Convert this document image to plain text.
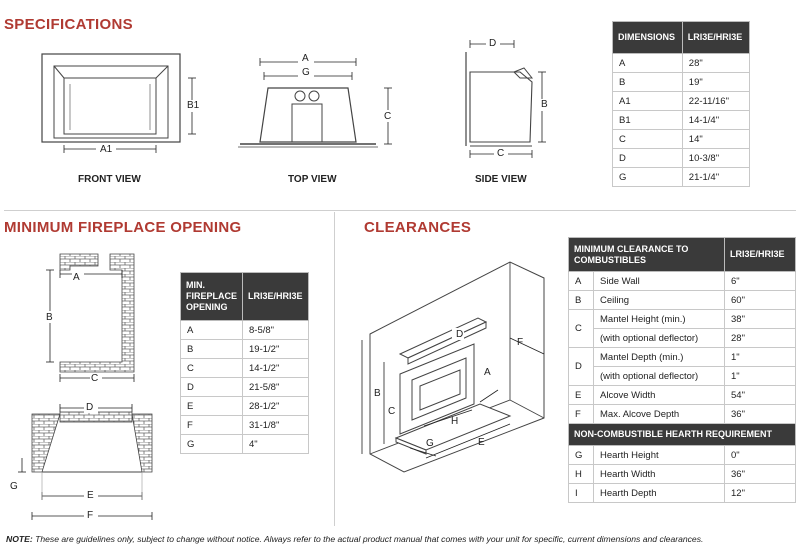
SPECIFICATIONS
MINIMUM FIREPLACE OPENING	CLEARANCES
B1
A1
FRONT VIEW
A
G
C
TOP VIEW
D
B
C
SIDE VIEW
DIMENSIONS	LRI3E/HRI3E
A	28"
B	19"
A1	22-11/16"
B1	14-1/4"
C	14"
D	10-3/8"
G	21-1/4"
A
B
C
D
G
E
F
MIN. FIREPLACE OPENING	LRI3E/HRI3E
A	8-5/8"
B	19-1/2"
C	14-1/2"
D	21-5/8"
E	28-1/2"
F	31-1/8"
G	4"
D
F
A
B
C
H
G	E
MINIMUM CLEARANCE TO COMBUSTIBLES		LRI3E/HRI3E
A	Side Wall	6"
B	Ceiling	60"
C	Mantel Height (min.)	38"
	(with optional deflector)	28"
D	Mantel Depth (min.)	1"
	(with optional deflector)	1"
E	Alcove Width	54"
F	Max. Alcove Depth	36"
NON-COMBUSTIBLE HEARTH REQUIREMENT		
G	Hearth Height	0"
H	Hearth Width	36"
I	Hearth Depth	12"
NOTE: These are guidelines only, subject to change without notice. Always refer to the actual product manual that comes with your unit for specific, current dimensions and clearances.
